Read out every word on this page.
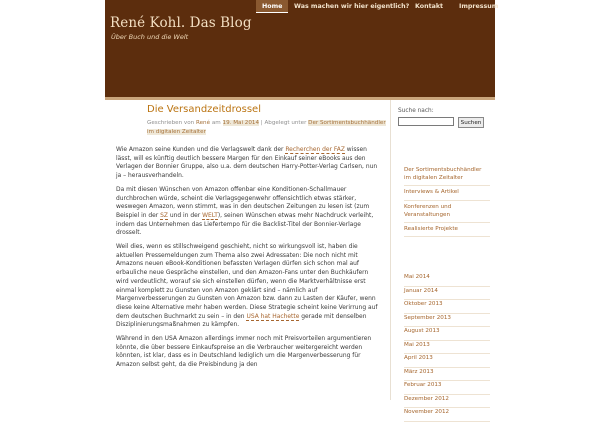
René Kohl. Das Blog
Über Buch und die Welt
Home	Was machen wir hier eigentlich? Kontakt	Impressum
Die Versandzeitdrossel
Geschrieben von René am 19. Mai 2014 | Abgelegt unter Der Sortimentsbuchhändler im digitalen Zeitalter

Wie Amazon seine Kunden und die Verlagswelt dank der Recherchen der FAZ wissen lässt, will es künftig deutlich bessere Margen für den Einkauf seiner eBooks aus den Verlagen der Bonnier Gruppe, also u.a. dem deutschen Harry-Potter-Verlag Carlsen, nun ja – herausverhandeln.

Da mit diesen Wünschen von Amazon offenbar eine Konditionen-Schallmauer durchbrochen würde, scheint die Verlagsgegenwehr offensichtlich etwas stärker, weswegen Amazon, wenn stimmt, was in den deutschen Zeitungen zu lesen ist (zum Beispiel in der SZ und in der WELT), seinen Wünschen etwas mehr Nachdruck verleiht, indem das Unternehmen das Liefertempo für die Backlist-Titel der Bonnier-Verlage drosselt.

Weil dies, wenn es stillschweigend geschieht, nicht so wirkungsvoll ist, haben die aktuellen Pressemeldungen zum Thema also zwei Adressaten: Die noch nicht mit Amazons neuen eBook-Konditionen befassten Verlagen dürfen sich schon mal auf erbauliche neue Gespräche einstellen, und den Amazon-Fans unter den Buchkäufern wird verdeutlicht, worauf sie sich einstellen dürfen, wenn die Marktverhältnisse erst einmal komplett zu Gunsten von Amazon geklärt sind – nämlich auf Margenverbesserungen zu Gunsten von Amazon bzw. dann zu Lasten der Käufer, wenn diese keine Alternative mehr haben werden. Diese Strategie scheint keine Verirrung auf dem deutschen Buchmarkt zu sein – in den USA hat Hachette gerade mit denselben Disziplinierungsmaßnahmen zu kämpfen.

Während in den USA Amazon allerdings immer noch mit Preisvorteilen argumentieren könnte, die über bessere Einkaufspreise an die Verbraucher weitergereicht werden könnten, ist klar, dass es in Deutschland lediglich um die Margenverbesserung für Amazon selbst geht, da die Preisbindung ja den

Suche nach:
Suchen
Der Sortimentsbuchhändler im digitalen Zeitalter
Interviews & Artikel
Konferenzen und Veranstaltungen
Realisierte Projekte
Mai 2014
Januar 2014
Oktober 2013
September 2013
August 2013
Mai 2013
April 2013
März 2013
Februar 2013
Dezember 2012
November 2012
